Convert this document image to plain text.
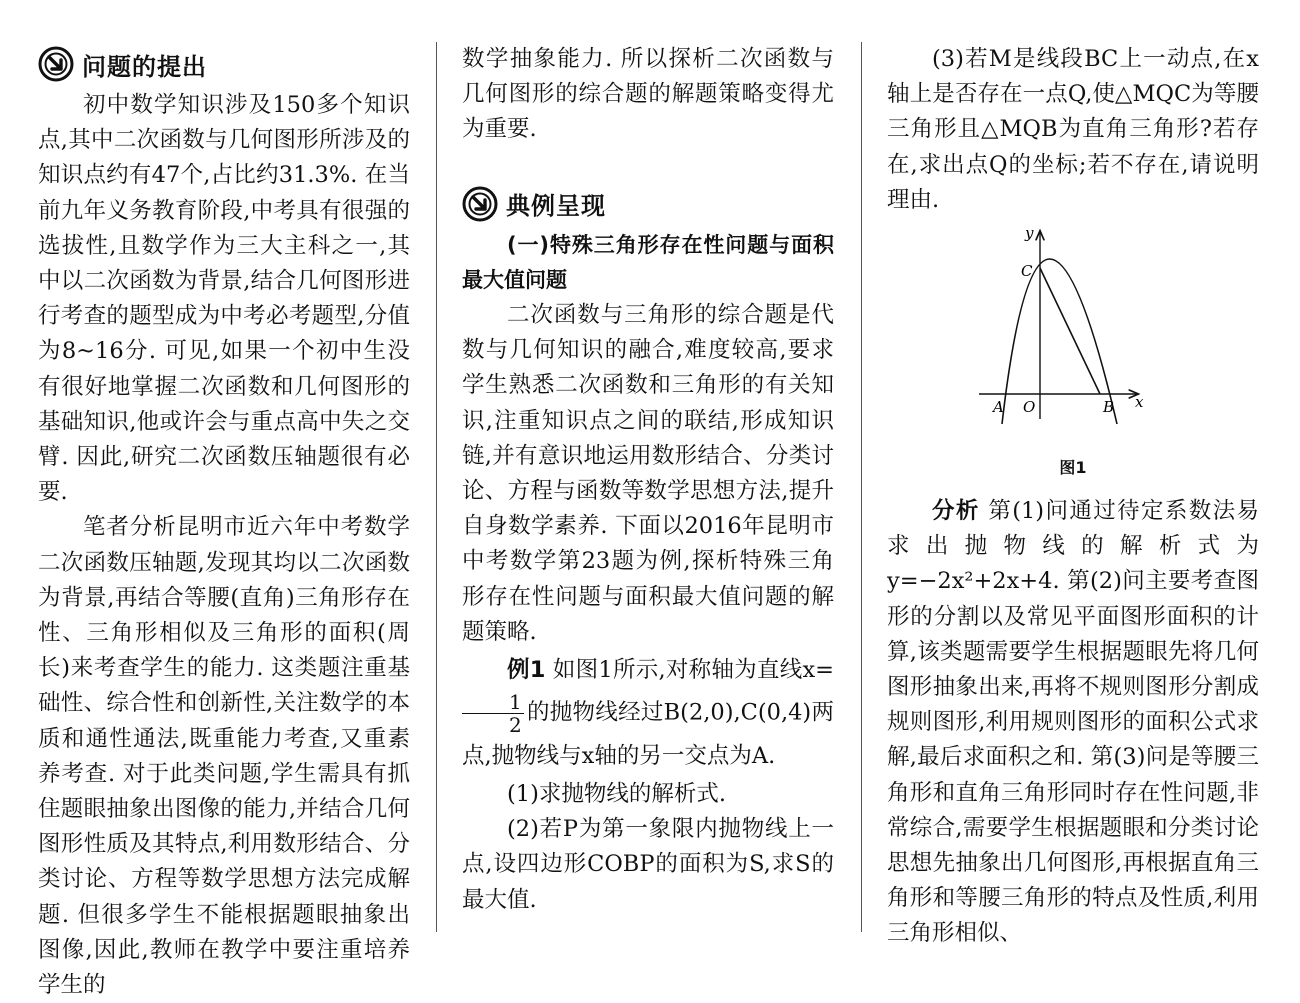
问题的提出

初中数学知识涉及150多个知识点,其中二次函数与几何图形所涉及的知识点约有47个,占比约31.3%. 在当前九年义务教育阶段,中考具有很强的选拔性,且数学作为三大主科之一,其中以二次函数为背景,结合几何图形进行考查的题型成为中考必考题型,分值为8~16分. 可见,如果一个初中生没有很好地掌握二次函数和几何图形的基础知识,他或许会与重点高中失之交臂. 因此,研究二次函数压轴题很有必要.

笔者分析昆明市近六年中考数学二次函数压轴题,发现其均以二次函数为背景,再结合等腰(直角)三角形存在性、三角形相似及三角形的面积(周长)来考查学生的能力. 这类题注重基础性、综合性和创新性,关注数学的本质和通性通法,既重能力考查,又重素养考查. 对于此类问题,学生需具有抓住题眼抽象出图像的能力,并结合几何图形性质及其特点,利用数形结合、分类讨论、方程等数学思想方法完成解题. 但很多学生不能根据题眼抽象出图像,因此,教师在教学中要注重培养学生的

数学抽象能力. 所以探析二次函数与几何图形的综合题的解题策略变得尤为重要.

典例呈现

(一)特殊三角形存在性问题与面积最大值问题

二次函数与三角形的综合题是代数与几何知识的融合,难度较高,要求学生熟悉二次函数和三角形的有关知识,注重知识点之间的联结,形成知识链,并有意识地运用数形结合、分类讨论、方程与函数等数学思想方法,提升自身数学素养. 下面以2016年昆明市中考数学第23题为例,探析特殊三角形存在性问题与面积最大值问题的解题策略.

例1 如图1所示,对称轴为直线x=
$\frac{1}{2}$ 的抛物线经过B(2,0),C(0,4)两点,抛物线与x轴的另一交点为A.

(1)求抛物线的解析式.

(2)若P为第一象限内抛物线上一点,设四边形COBP的面积为S,求S的最大值.

(3)若M是线段BC上一动点,在x轴上是否存在一点Q,使△MQC为等腰三角形且△MQB为直角三角形?若存在,求出点Q的坐标;若不存在,请说明理由.

y
x
C
A O	B
图1

分析 第(1)问通过待定系数法易求出抛物线的解析式为y=−2x²+2x+4. 第(2)问主要考查图形的分割以及常见平面图形面积的计算,该类题需要学生根据题眼先将几何图形抽象出来,再将不规则图形分割成规则图形,利用规则图形的面积公式求解,最后求面积之和. 第(3)问是等腰三角形和直角三角形同时存在性问题,非常综合,需要学生根据题眼和分类讨论思想先抽象出几何图形,再根据直角三角形和等腰三角形的特点及性质,利用三角形相似、
